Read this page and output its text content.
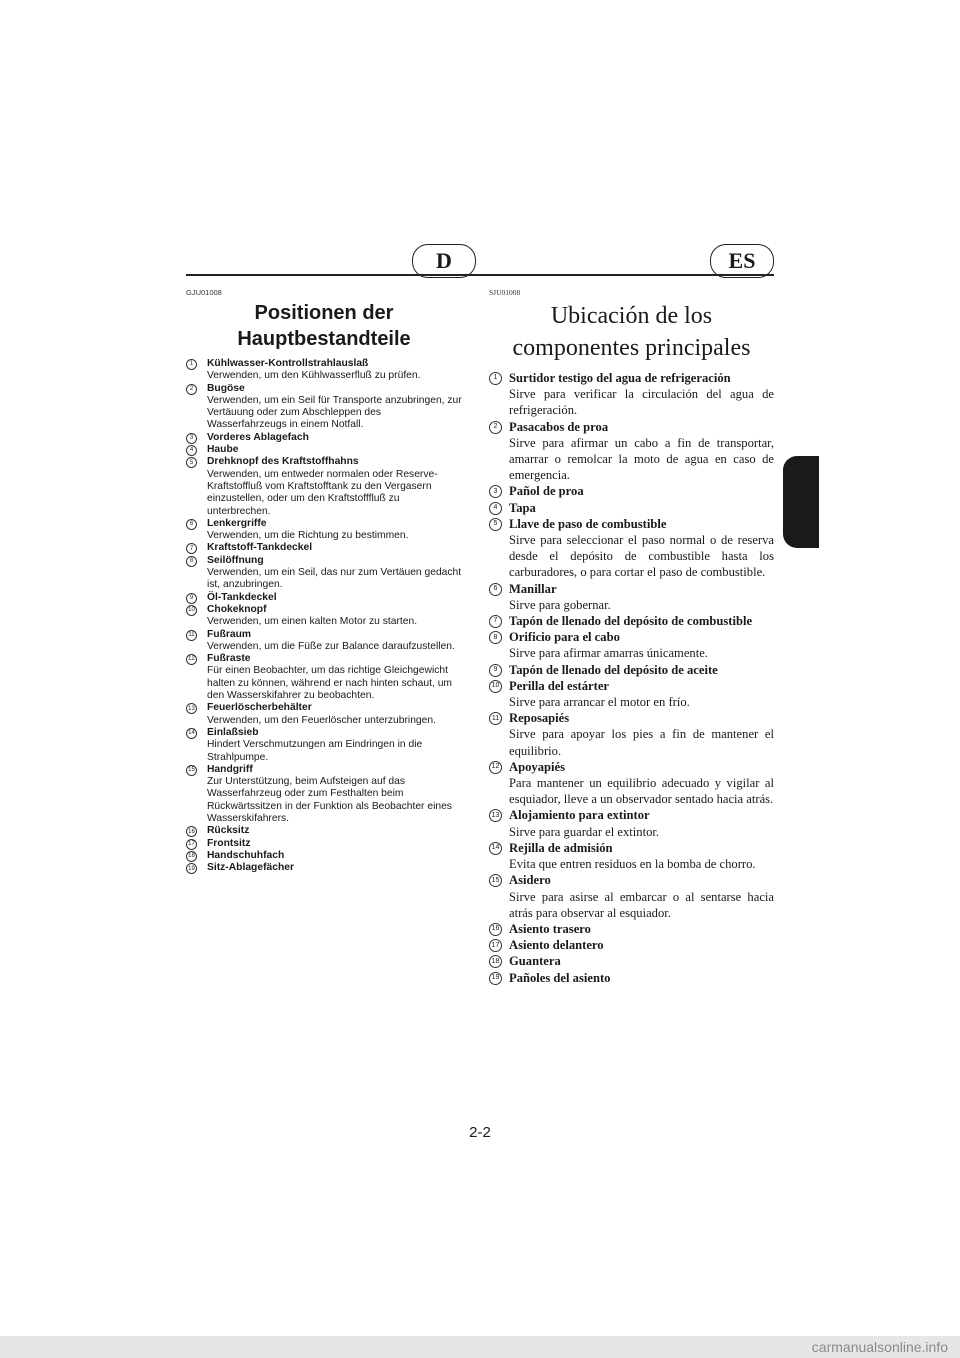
D	ES

GJU01008

Positionen der
Hauptbestandteile
1	Kühlwasser-Kontrollstrahlauslaß
Verwenden, um den Kühlwasserfluß zu prüfen.
2	Bugöse
Verwenden, um ein Seil für Transporte anzubringen, zur Vertäuung oder zum Abschleppen des Wasserfahrzeugs in einem Notfall.
3	Vorderes Ablagefach
4	Haube
5	Drehknopf des Kraftstoffhahns
Verwenden, um entweder normalen oder Reserve-Kraftstoffluß vom Kraftstofftank zu den Vergasern einzustellen, oder um den Kraftstofffluß zu unterbrechen.
6	Lenkergriffe
Verwenden, um die Richtung zu bestimmen.
7	Kraftstoff-Tankdeckel
8	Seilöffnung
Verwenden, um ein Seil, das nur zum Vertäuen gedacht ist, anzubringen.
9	Öl-Tankdeckel
10 Chokeknopf
Verwenden, um einen kalten Motor zu starten.
11 Fußraum
Verwenden, um die Füße zur Balance daraufzustellen.
12 Fußraste
Für einen Beobachter, um das richtige Gleichgewicht halten zu können, während er nach hinten schaut, um den Wasserskifahrer zu beobachten.
13 Feuerlöscherbehälter
Verwenden, um den Feuerlöscher unterzubringen.
14 Einlaßsieb
Hindert Verschmutzungen am Eindringen in die Strahlpumpe.
15 Handgriff
Zur Unterstützung, beim Aufsteigen auf das Wasserfahrzeug oder zum Festhalten beim Rückwärtssitzen in der Funktion als Beobachter eines Wasserskifahrers.
16 Rücksitz
17 Frontsitz
18 Handschuhfach
19 Sitz-Ablagefächer

SJU01008

Ubicación de los
componentes principales
1 Surtidor testigo del agua de refrigeración
Sirve para verificar la circulación del agua de refrigeración.
2 Pasacabos de proa
Sirve para afirmar un cabo a fin de transportar, amarrar o remolcar la moto de agua en caso de emergencia.
3 Pañol de proa
4 Tapa
5 Llave de paso de combustible
Sirve para seleccionar el paso normal o de reserva desde el depósito de combustible hasta los carburadores, o para cortar el paso de combustible.
6 Manillar
Sirve para gobernar.
7 Tapón de llenado del depósito de combustible
8 Orificio para el cabo
Sirve para afirmar amarras únicamente.
9 Tapón de llenado del depósito de aceite
10 Perilla del estárter
Sirve para arrancar el motor en frío.
11 Reposapiés
Sirve para apoyar los pies a fin de mantener el equilibrio.
12 Apoyapiés
Para mantener un equilibrio adecuado y vigilar al esquiador, lleve a un observador sentado hacia atrás.
13 Alojamiento para extintor
Sirve para guardar el extintor.
14 Rejilla de admisión
Evita que entren residuos en la bomba de chorro.
15 Asidero
Sirve para asirse al embarcar o al sentarse hacia atrás para observar al esquiador.
16 Asiento trasero
17 Asiento delantero
18 Guantera
19 Pañoles del asiento
2-2
carmanualsonline.info
